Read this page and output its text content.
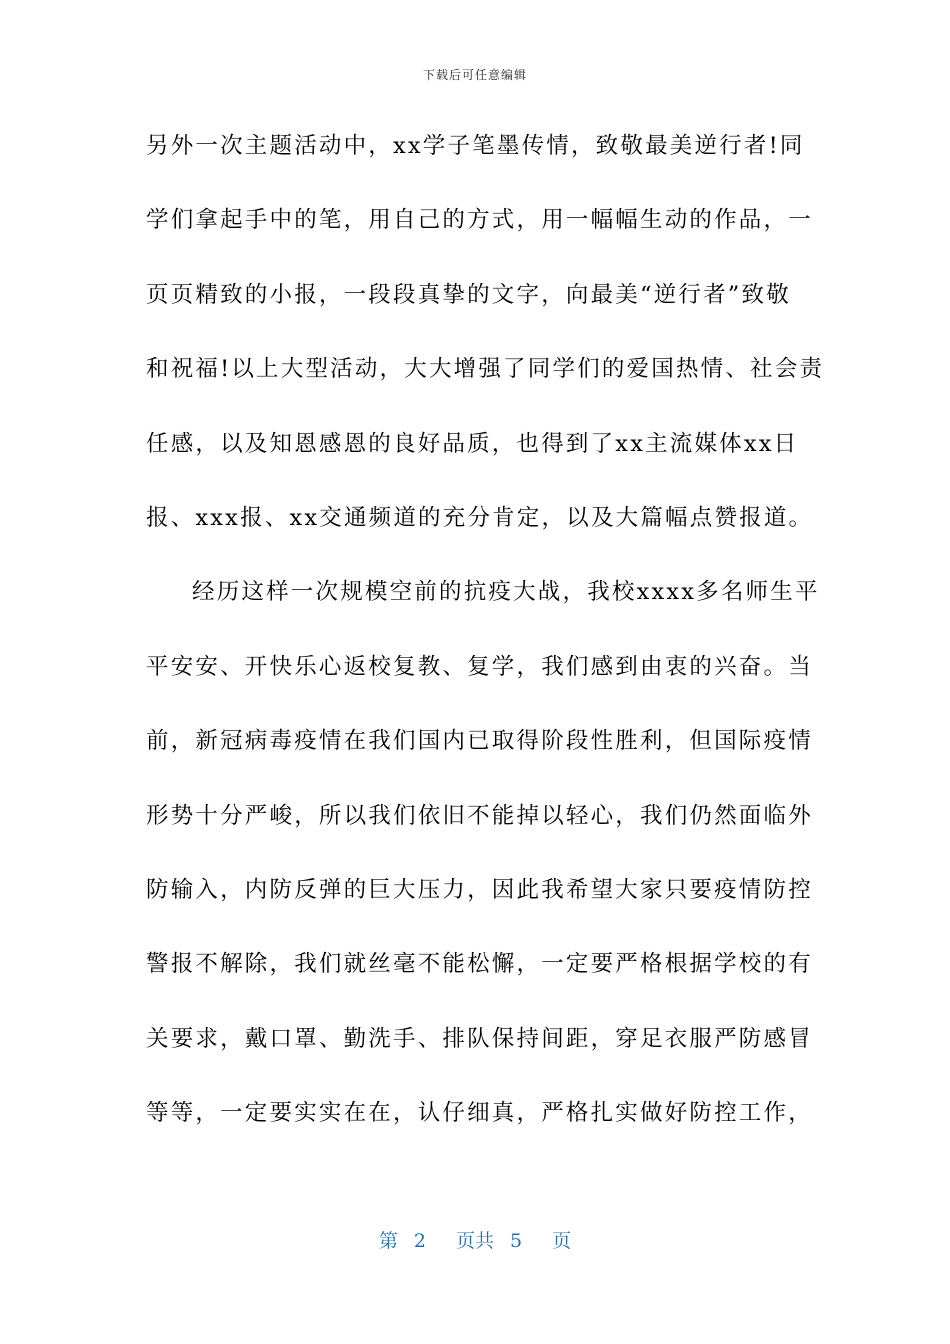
下载后可任意编辑
另外一次主题活动中，xx学子笔墨传情，致敬最美逆行者!同
学们拿起手中的笔，用自己的方式，用一幅幅生动的作品，一
页页精致的小报，一段段真挚的文字，向最美“逆行者”致敬
和祝福!以上大型活动，大大增强了同学们的爱国热情、社会责
任感，以及知恩感恩的良好品质，也得到了xx主流媒体xx日
报、xxx报、xx交通频道的充分肯定，以及大篇幅点赞报道。
经历这样一次规模空前的抗疫大战，我校xxxx多名师生平
平安安、开快乐心返校复教、复学，我们感到由衷的兴奋。当
前，新冠病毒疫情在我们国内已取得阶段性胜利，但国际疫情
形势十分严峻，所以我们依旧不能掉以轻心，我们仍然面临外
防输入，内防反弹的巨大压力，因此我希望大家只要疫情防控
警报不解除，我们就丝毫不能松懈，一定要严格根据学校的有
关要求，戴口罩、勤洗手、排队保持间距，穿足衣服严防感冒
等等，一定要实实在在，认仔细真，严格扎实做好防控工作，
第 2 页共 5 页
